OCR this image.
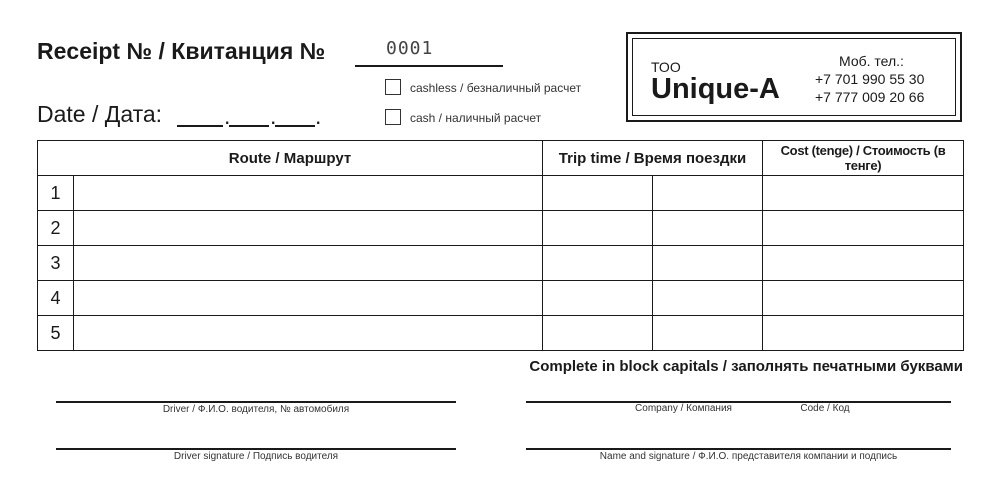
Receipt № / Квитанция №	0001
Date / Дата:	. . .
cashless / безналичный расчет
cash / наличный расчет
ТОО
Unique-A
Моб. тел.:
+7 701 990 55 30
+7 777 009 20 66
Route / Маршрут		Trip time / Время поездки		Cost (tenge) / Стоимость (в тенге)
1				
2				
3				
4				
5				
Complete in block capitals / заполнять печатными буквами
Driver / Ф.И.О. водителя, № автомобиля	Company / Компания	Code / Код
Driver signature / Подпись водителя	Name and signature / Ф.И.О. представителя компании и подпись
